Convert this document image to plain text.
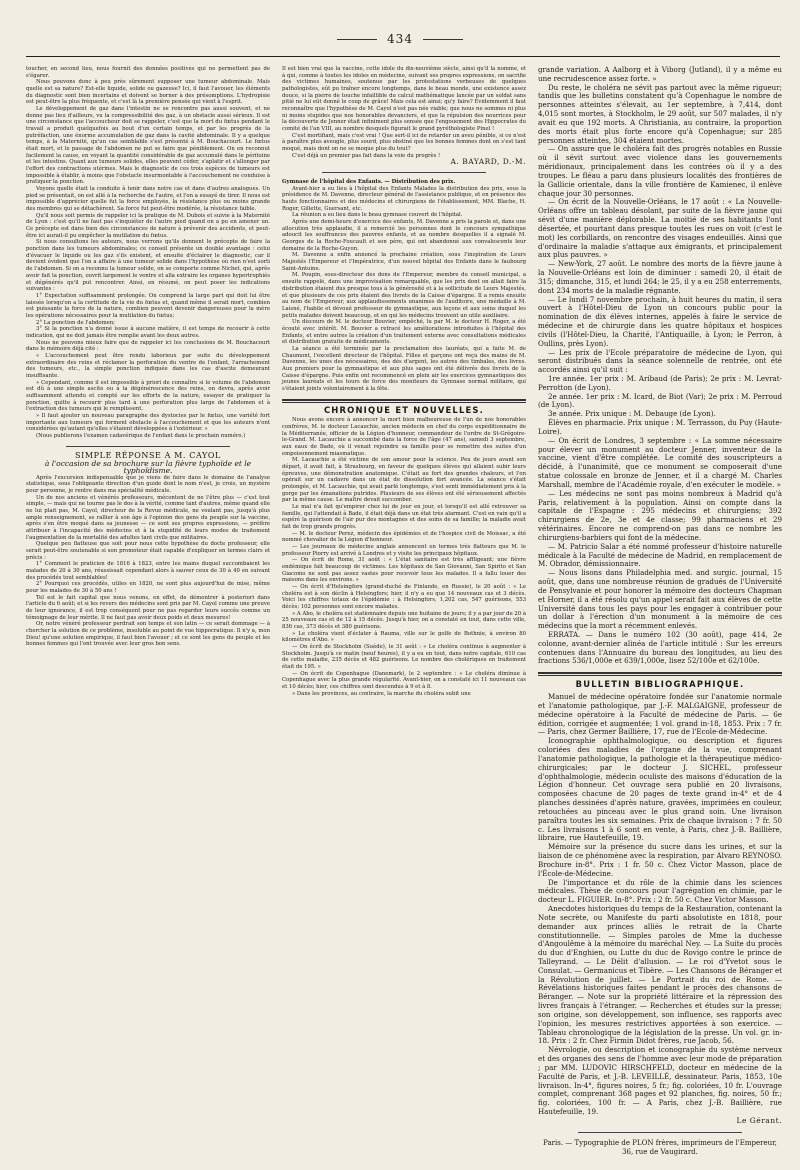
434

toucher, en second lieu, nous fournit des données positives qui ne permettent pas de s'égarer.

Nous pouvons donc à peu près sûrement supposer une tumeur abdominale. Mais quelle est sa nature? Est-elle liquide, solide ou gazeuse? Ici, il faut l'avouer, les éléments du diagnostic sont bien incertains et doivent se borner à des présomptions. L'hydropisie est peut-être la plus fréquente, et c'est là la première pensée qui vient à l'esprit.

Le développement de gaz dans l'intestin ne se rencontre pas aussi souvent, et ne donne pas lieu d'ailleurs, vu la compressibilité des gaz, à un obstacle aussi sérieux. Il est une circonstance que l'accoucheur doit se rappeler, c'est que la mort du fœtus pendant le travail a produit quelquefois au bout d'un certain temps, et par les progrès de la putréfaction, une énorme accumulation de gaz dans la cavité abdominale. Il y a quelque temps, à la Maternité, qu'un cas semblable s'est présenté à M. Bouchacourt. Le fœtus était mort, et le passage de l'abdomen ne put se faire que péniblement. On en reconnut facilement la cause, en voyant la quantité considérable de gaz accumulé dans le péritoine et les intestins. Quant aux tumeurs solides, elles peuvent céder, s'aplatir et s'allonger par l'effort des contractions utérines. Mais le diagnostic de ces trois espèces de tumeurs est impossible à établir, à moins que l'obstacle insurmontable à l'accouchement ne conduise à pratiquer la ponction.

Voyons quelle était la conduite à tenir dans notre cas et dans d'autres analogues. Un pied se présentait, on est allé à la recherche de l'autre, et l'on a essayé de tirer. Il nous est impossible d'apprécier quelle fut la force employée, la résistance plus ou moins grande des membres qui se détachèrent. Sa force fut peut-être modérée, la résistance faible.

Qu'il nous soit permis de rappeler ici la pratique de M. Dubois et suivie à la Maternité de Lyon : c'est qu'il ne faut pas s'inquiéter de l'autre pied quand on a pu en amener un. Ce précepte est dans bien des circonstances de nature à prévenir des accidents, et peut-être ici aurait-il pu empêcher la mutilation du fœtus.

Si nous consultons les auteurs, nous verrons qu'ils donnent le précepte de faire la ponction dans les tumeurs abdominales; ce conseil présente un double avantage : celui d'évacuer le liquide ou les gaz s'ils existent, et ensuite d'éclairer le diagnostic, car il devient évident que l'on a affaire à une tumeur solide dans l'hypothèse où rien n'est sorti de l'abdomen. Si on a reconnu la tumeur solide, on se comporte comme Nichet, qui, après avoir fait la ponction, ouvrit largement le ventre et alla extraire les organes hypertrophiés et dégénérés qu'il put rencontrer. Ainsi, en résumé, on peut poser les indications suivantes :

1° Expectation suffisamment prolongée. On comprend la large part qui doit lui être laissée lorsqu'on a la certitude de la vie du fœtus et, quand même il serait mort, combien est puissante la force de la nature, combien peuvent devenir dangereuses pour la mère les opérations nécessaires pour la mutilation du fœtus;

2° La ponction de l'abdomen;

3° Si la ponction n'a donné issue à aucune matière, il est temps de recourir à cette indication, qui ne doit jamais être remplie avant les deux autres.

Nous ne pouvons mieux faire que de rappeler ici les conclusions de M. Bouchacourt dans le mémoire déjà cité :

« L'accouchement peut être rendu laborieux par suite du développement extraordinaire des reins et réclamer la perforation du ventre de l'enfant, l'arrachement des tumeurs, etc., la simple ponction indiquée dans les cas d'ascite demeurant insuffisante.

» Cependant, comme il est impossible à priori de connaître si le volume de l'abdomen est dû à une simple ascite ou à la dégénérescence des reins, on devra, après avoir suffisamment attendu et compté sur les efforts de la nature, essayer de pratiquer la ponction, quitte à recourir plus tard à une perforation plus large de l'abdomen et à l'extraction des tumeurs qui le remplissent.

» Il faut ajouter un nouveau paragraphe des dystocies par le fœtus, une variété fort importante aux tumeurs qui forment obstacle à l'accouchement et que les auteurs n'ont considérées qu'autant qu'elles s'étaient développées à l'extérieur. »

(Nous publierons l'examen cadavérique de l'enfant dans le prochain numéro.)

SIMPLE RÉPONSE A M. CAYOL

à l'occasion de sa brochure sur la fièvre typhoïde et le typhoïdisme.

Après l'excursion indispensable que je viens de faire dans le domaine de l'analyse statistique, sous l'obligeante direction d'un guide dont le nom n'est, je crois, un mystère pour personne, je rentre dans ma spécialité médicale.

Un de nos anciens et vénérés professeurs, mécontent de ne l'être plus — c'est tout simple, — mais qui ne tourne pas le dos à la vérité, comme tant d'autres, même quand elle ne lui plait pas, M. Cayol, directeur de la Revue médicale, ne voulant pas, jusqu'à plus ample renseignement, se rallier à son âge à l'opinion des gens du peuple sur la vaccine, après s'en être moqué dans sa jeunesse — ce sont ses propres expressions, — préfère attribuer à l'incapacité des médecins et à la stupidité de leurs modes de traitement l'augmentation de la mortalité des adultes tant civils que militaires.

Quelque peu flatteuse que soit pour nous cette hypothèse du docte professeur, elle serait peut-être soutenable si son promoteur était capable d'expliquer en termes clairs et précis :

1° Comment le praticien de 1816 à 1823, entre les mains duquel succombaient les malades de 20 à 30 ans, réussissait cependant alors à sauver ceux de 30 à 40 en suivant des procédés tout semblables!

2° Pourquoi ces procédés, utiles en 1820, ne sont plus aujourd'hui de mise, même pour les malades de 30 à 50 ans !

Tel est le fait capital que nous venons, en effet, de démontrer à posteriori dans l'article du 6 août; et si les revers des médecins sont pris par M. Cayol comme une preuve de leur ignorance, il est trop conséquent pour ne pas regarder leurs succès comme un témoignage de leur mérite. Il ne faut pas avoir deux poids et deux mesures!

Or, notre vénéré professeur perdrait son temps et son latin — ce serait dommage — à chercher la solution de ce problème, insoluble au point de vue hippocratique. Il n'y a, mon Dieu! qu'une solution empirique, il faut bien l'avouer ; et ce sont les gens du peuple et les bonnes femmes qui l'ont trouvée avec leur gros bon sens.

Il est bien vrai que la vaccine, cette idole du dix-neuvième siècle, ainsi qu'il la nomme, et à qui, comme à toutes les idoles en médecine, suivant ses propres expressions, on sacrifie des victimes humaines, soutenue par les protestations verbeuses de quelques pathologistes, eût pu traîner encore longtemps, dans le beau monde, une existence assez douce, si la pierre de touche infaillible du calcul mathématique lancée par un soldat sans pitié ne lui eût donné le coup de grâce! Mais cela est ainsi; qu'y faire? Évidemment il faut reconnaître que l'hypothèse de M. Cayol n'est pas née viable; que nous ne sommes ni plus ni moins stupides que nos honorables devanciers, et que la répulsion des nourrices pour la découverte de Jenner était infiniment plus sensée que l'engouement des Hippocrates du comité de l'an VIII, au nombre desquels figurait le grand pyréthologiste Pinel !

C'est mortifiant, mais c'est vrai ! Que sert-il ici de retarder un aveu pénible, si ce n'est à paraître plus aveugle, plus sourd, plus obstiné que les bonnes femmes dont on s'est tant moqué, mais dont on ne se moque plus du tout?

C'est déjà un premier pas fait dans la voie du progrès !

A. BAYARD, D.-M.

Gymnase de l'hôpital des Enfants. — Distribution des prix.

Avant-hier a eu lieu à l'hôpital des Enfants Malades la distribution des prix, sous la présidence de M. Davenne, directeur général de l'assistance publique, et en présence des hauts fonctionnaires et des médecins et chirurgiens de l'établissement, MM. Blache, H. Roger, Gillette, Guersant, etc.

La réunion a eu lieu dans le beau gymnase couvert de l'hôpital.

Après une demi-heure d'exercice des enfants, M. Davenne a pris la parole et, dans une allocution très applaudie, il a remercié les personnes dont le concours sympathique adoucit les souffrances des pauvres enfants, et au nombre desquelles il a signalé M. Georges de la Roche-Foucault et son père, qui ont abandonné aux convalescents leur domaine de la Roche-Guyon.

M. Davenne a enfin annoncé la prochaine création, sous l'inspiration de Leurs Majestés l'Empereur et l'Impératrice, d'un nouvel hôpital des Enfants dans le faubourg Saint-Antoine.

M. Poupin, sous-directeur des dons de l'Empereur, membre du conseil municipal, a ensuite rappelé, dans une improvisation remarquable, que les prix dont on allait faire la distribution étaient dus presque tous à la générosité et à la sollicitude de Leurs Majestés, et que plusieurs de ces prix étaient des livrets de la Caisse d'épargne. Il a remis ensuite au nom de l'Empereur, aux applaudissements unanimes de l'auditoire, une médaille à M. Laisné, l'habile et dévoué professeur de gymnastique, aux leçons et aux soins duquel les petits malades doivent beaucoup, et en qui les médecins trouvent un utile auxiliaire.

Un discours de M. le docteur Bouvier, empêché, lu par M. le docteur H. Roger, a été écouté avec intérêt. M. Bouvier a retracé les améliorations introduites à l'hôpital des Enfants, et entre autres la création d'un traitement externe avec consultations médicales et distribution gratuite de médicaments.

La séance a été terminée par la proclamation des lauréats, qui a faite M. de Chaumont, l'excellent directeur de l'hôpital. Filles et garçons ont reçu des mains de M. Davenne, les unes des nécessaires, des dés d'argent, les autres des timbales, des livres. Aux premiers pour la gymnastique et aux plus sages ont été délivrés des livrets de la Caisse d'épargne. Puis enfin ont recommencé en plein air les exercices gymnastiques des jeunes lauréats et les tours de force des moniteurs du Gymnase normal militaire, qui s'étaient joints volontairement à la fête.

CHRONIQUE ET NOUVELLES.

Nous avons encore à annoncer la mort bien malheureuse de l'un de nos honorables confrères, M. le docteur Lacauchie, ancien médecin en chef du corps expéditionnaire de la Méditerranée, officier de la Légion d'honneur, commandeur de l'ordre de St-Grégoire-le-Grand. M. Lacauchie a succombé dans la force de l'âge (47 ans), samedi 3 septembre, aux eaux de Bade, où il venait rejoindre sa famille pour se remettre des suites d'un empoisonnement miasmatique.

M. Lacauchie a été victime de son amour pour la science. Peu de jours avant son départ, il avait fait, à Strasbourg, en faveur de quelques élèves qui allaient subir leurs épreuves, une démonstration anatomique. C'était au fort des grandes chaleurs, et l'on opérait sur un cadavre dans un état de dissolution fort avancée. La séance s'était prolongée, et M. Lacauchie, qui avait parlé longtemps, s'est senti immédiatement pris à la gorge par les émanations putrides. Plusieurs de ses élèves ont été sérieusement affectés par la même cause. Le maître devait succomber.

Le mal n'a fait qu'empirer chez lui de jour en jour, et lorsqu'il est allé retrouver sa famille, qui l'attendait à Bade, il était déjà dans un état très alarmant. C'est en vain qu'il a espéré la guérison de l'air pur des montagnes et des soins de sa famille; la maladie avait fait de trop grands progrès.

— M. le docteur Perez, médecin des épidémies et de l'hospice civil de Moissac, a été nommé chevalier de la Légion d'honneur.

— Les journaux de médecine anglais annoncent en termes très flatteurs que M. le professeur Piorry est arrivé à Londres et y visite les principaux hôpitaux.

— On écrit de Rome, 31 août : « L'état sanitaire est très affligeant; une fièvre endémique fait beaucoup de victimes. Les hôpitaux de San Giovanni, San Spirito et San Giacomo ne sont pas assez vastes pour recevoir tous les malades. Il a fallu louer des maisons dans les environs. »

— On écrit d'Helsingfors (grand-duché de Finlande, en Russie), le 20 août : « Le choléra est à son déclin à Helsingfors; hier, il n'y a eu que 14 nouveaux cas et 3 décès. Voici les chiffres totaux de l'épidémie : à Helsingfors, 1,202 cas, 547 guérisons, 553 décès; 102 personnes sont encore malades.

» A Abo, le choléra est stationnaire depuis une huitaine de jours; il y a par jour de 20 à 25 nouveaux cas et de 12 à 15 décès. Jusqu'à hier, on a constaté en tout, dans cette ville, 836 cas, 373 décès et 380 guérisons.

» Le choléra vient d'éclater à Rauma, ville sur le golfe de Bothnie, à environ 80 kilomètres d'Abo. »

— On écrit de Stockholm (Suède), le 31 août : « Le choléra continue à augmenter à Stockholm. Jusqu'à ce matin (neuf heures), il y a eu en tout, dans notre capitale, 610 cas de cette maladie, 235 décès et 482 guérisons. Le nombre des cholériques en traitement était de 195. »

— On écrit de Copenhague (Danemark), le 2 septembre : « Le choléra diminue à Copenhague avec la plus grande régularité. Avant-hier, on a constaté ici 11 nouveaux cas et 10 décès; hier, ces chiffres sont descendus à 9 et à 8.

» Dans les provinces, au contraire, la marche du choléra subit une

grande variation. A Aalborg et à Viborg (Jutland), il y a même eu une recrudescence assez forte. »

Du reste, le choléra ne sévit pas partout avec la même rigueur; tandis que les bulletins constatent qu'à Copenhague le nombre de personnes atteintes s'élevait, au 1er septembre, à 7,414, dont 4,015 sont mortes, à Stockholm, le 29 août, sur 507 malades, il n'y avait eu que 192 morts. A Christiania, au contraire, la proportion des morts était plus forte encore qu'à Copenhague; sur 285 personnes atteintes, 304 étaient mortes.

— On assure que le choléra fait des progrès notables en Russie où il sévit surtout avec violence dans les gouvernements méridionaux, principalement dans les contrées où il y a des troupes. Le fléau a paru dans plusieurs localités des frontières de la Gallicie orientale, dans la ville frontière de Kamienec, il enlève chaque jour 30 personnes.

— On écrit de la Nouvelle-Orléans, le 17 août : « La Nouvelle-Orléans offre un tableau désolant, par suite de la fièvre jaune qui sévit d'une manière déplorable. La moitié de ses habitants l'ont désertée, et pourtant dans presque toutes les rues on voit (c'est le mot) les corbillards, on rencontre des visages endeuillés. Ainsi que d'ordinaire la maladie s'attaque aux émigrants, et principalement aux plus pauvres. »

— New-York, 27 août. Le nombre des morts de la fièvre jaune à la Nouvelle-Orléans est loin de diminuer : samedi 20, il était de 315; dimanche, 315, et lundi 264; le 25, il y a eu 258 enterrements, dont 234 morts de la maladie régnante.

— Le lundi 7 novembre prochain, à huit heures du matin, il sera ouvert à l'Hôtel-Dieu de Lyon un concours public pour la nomination de dix élèves internes, appelés à faire le service de médecine et de chirurgie dans les quatre hôpitaux et hospices civils (l'Hôtel-Dieu, la Charité, l'Antiquaille, à Lyon; le Perron, à Oullins, près Lyon).

— Les prix de l'Ecole préparatoire de médecine de Lyon, qui seront distribués dans la séance solennelle de rentrée, ont été accordés ainsi qu'il suit :

1re année. 1er prix : M. Aribaud (de Paris); 2e prix : M. Levrat-Perrotton (de Lyon).

2e année. 1er prix : M. Icard, de Biot (Var); 2e prix : M. Perroud (de Lyon).

3e année. Prix unique : M. Debauge (de Lyon).

Élèves en pharmacie. Prix unique : M. Terrasson, du Puy (Haute-Loire).

— On écrit de Londres, 3 septembre : « La somme nécessaire pour élever un monument au docteur Jenner, inventeur de la vaccine, vient d'être complétée. Le comité des souscripteurs a décidé, à l'unanimité, que ce monument se composerait d'une statue colossale en bronze de Jenner, et il a chargé M. Charles Marshall, membre de l'Académie royale, d'en exécuter le modèle. »

— Les médecins ne sont pas moins nombreux à Madrid qu'à Paris, relativement à la population. Ainsi on compte dans la capitale de l'Espagne : 295 médecins et chirurgiens; 392 chirurgiens de 2e, 3e et 4e classe; 99 pharmaciens et 29 vétérinaires. Encore ne comprend-on pas dans ce nombre les chirurgiens-barbiers qui font de la médecine.

— M. Patricio Salar a été nommé professeur d'histoire naturelle médicale à la Faculté de médecine de Madrid, en remplacement de M. Obrador, démissionnaire.

— Nous lisons dans Philadelphia med. and surgic. journal, 15 août, que, dans une nombreuse réunion de gradués de l'Université de Pensylvanie et pour honorer la mémoire des docteurs Chapman et Horner, il a été résolu qu'un appel serait fait aux élèves de cette Université dans tous les pays pour les engager à contribuer pour un dollar à l'érection d'un monument à la mémoire de ces médecins que la mort a récemment enlevés.

ERRATA. — Dans le numéro 102 (30 août), page 414, 2e colonne, avant-dernier alinéa de l'article intitulé : Sur les erreurs contenues dans l'Annuaire du bureau des longitudes, au lieu des fractions 536/1,000e et 639/1,000e, lisez 52/100e et 62/100e.

BULLETIN BIBLIOGRAPHIQUE.

Manuel de médecine opératoire fondée sur l'anatomie normale et l'anatomie pathologique, par J.-F. MALGAIGNE, professeur de médecine opératoire à la Faculté de médecine de Paris. — 6e édition, corrigée et augmentée; 1 vol. grand in-18, 1853. Prix : 7 fr. — Paris, chez Germer Baillière, 17, rue de l'Ecole-de-Médecine.

Iconographie ophthalmologique, ou description et figures coloriées des maladies de l'organe de la vue, comprenant l'anatomie pathologique, la pathologie et la thérapeutique médico-chirurgicales; par le docteur J. SICHEL, professeur d'ophthalmologie, médecin oculiste des maisons d'éducation de la Légion d'honneur. Cet ouvrage sera publié en 20 livraisons, composées chacune de 20 pages de texte grand in-4° et de 4 planches dessinées d'après nature, gravées, imprimées en couleur, retouchées au pinceau avec le plus grand soin. Une livraison paraîtra toutes les six semaines. Prix de chaque livraison : 7 fr. 50 c. Les livraisons 1 à 6 sont en vente, à Paris, chez J.-B. Baillière, libraire, rue Hautefeuille, 19.

Mémoire sur la présence du sucre dans les urines, et sur la liaison de ce phénomène avec la respiration, par Alvaro REYNOSO. Brochure in-8°. Prix : 1 fr. 50 c. Chez Victor Masson, place de l'École-de-Médecine.

De l'importance et du rôle de la chimie dans les sciences médicales. Thèse de concours pour l'agrégation en chimie, par le docteur L. FIGUIER. In-8°. Prix : 2 fr. 50 c. Chez Victor Masson.

Anecdotes historiques du temps de la Restauration, contenant la Note secrète, ou Manifeste du parti absolutiste en 1818, pour demander aux princes alliés le retrait de la Charte constitutionnelle. — Simples paroles de Mme la duchesse d'Angoulême à la mémoire du maréchal Ney. — La Suite du procès du duc d'Enghien, ou Lutte du duc de Rovigo contre le prince de Talleyrand. — Le Délit d'allusion. — Le roi d'Yvetot sous le Consulat. — Germanicus et Tibère. — Les Chansons de Béranger et la Révolution de juillet. — Le Portrait du roi de Rome. — Révélations historiques faites pendant le procès des chansons de Béranger. — Note sur la propriété littéraire et la répression des livres français à l'étranger. — Recherches et études sur la presse; son origine, son développement, son influence, ses rapports avec l'opinion, les mesures restrictives apportées à son exercice. — Tableau chronologique de la législation de la presse. Un vol. gr. in-18. Prix : 2 fr. Chez Firmin Didot frères, rue Jacob, 56.

Névrologie, ou description et iconographie du système nerveux et des organes des sens de l'homme avec leur mode de préparation ; par MM. LUDOVIC HIRSCHFELD, docteur en médecine de la Faculté de Paris, et J.-B. LEVEILLÉ, dessinateur. Paris, 1853, 10e livraison. In-4°, figures noires, 5 fr.; fig. coloriées, 10 fr. L'ouvrage complet, comprenant 368 pages et 92 planches, fig. noires, 50 fr.; fig. coloriées, 100 fr. — A Paris, chez J.-B. Baillière, rue Hautefeuille, 19.

Le Gérant.

Paris. — Typographie de PLON frères, imprimeurs de l'Empereur, 36, rue de Vaugirard.
